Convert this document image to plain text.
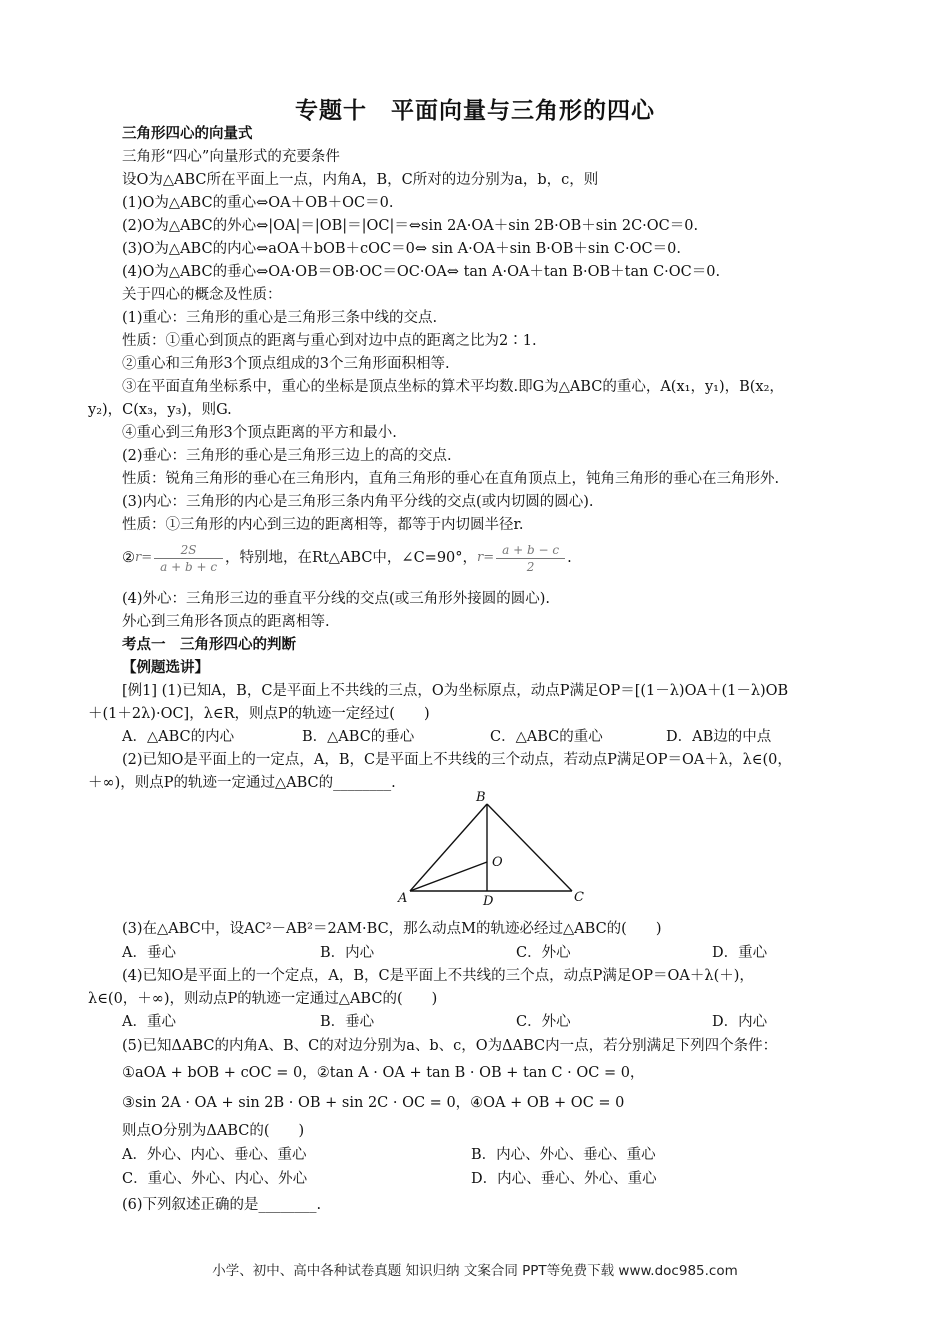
专题十　平面向量与三角形的四心
三角形四心的向量式
三角形“四心”向量形式的充要条件
设O为△ABC所在平面上一点，内角A，B，C所对的边分别为a，b，c，则
(1)O为△ABC的重心⇔OA＋OB＋OC＝0.
(2)O为△ABC的外心⇔|OA|＝|OB|＝|OC|＝⇔sin 2A·OA＋sin 2B·OB＋sin 2C·OC＝0.
(3)O为△ABC的内心⇔aOA＋bOB＋cOC＝0⇔ sin A·OA＋sin B·OB＋sin C·OC＝0.
(4)O为△ABC的垂心⇔OA·OB＝OB·OC＝OC·OA⇔ tan A·OA＋tan B·OB＋tan C·OC＝0.
关于四心的概念及性质：
(1)重心：三角形的重心是三角形三条中线的交点.
性质：①重心到顶点的距离与重心到对边中点的距离之比为2∶1.
②重心和三角形3个顶点组成的3个三角形面积相等.
③在平面直角坐标系中，重心的坐标是顶点坐标的算术平均数.即G为△ABC的重心，A(x₁，y₁)，B(x₂，
y₂)，C(x₃，y₃)，则G.
④重心到三角形3个顶点距离的平方和最小.
(2)垂心：三角形的垂心是三角形三边上的高的交点.
性质：锐角三角形的垂心在三角形内，直角三角形的垂心在直角顶点上，钝角三角形的垂心在三角形外.
(3)内心：三角形的内心是三角形三条内角平分线的交点(或内切圆的圆心).
性质：①三角形的内心到三边的距离相等，都等于内切圆半径r.
②r= $\frac{2S}{a + b + c}$ ，特别地，在Rt△ABC中，∠C=90°，$r= \frac{a + b - c}{2}$ .
(4)外心：三角形三边的垂直平分线的交点(或三角形外接圆的圆心).
外心到三角形各顶点的距离相等.
考点一　三角形四心的判断
【例题选讲】
[例1] (1)已知A，B，C是平面上不共线的三点，O为坐标原点，动点P满足OP＝[(1－λ)OA＋(1－λ)OB
＋(1＋2λ)·OC]，λ∈R，则点P的轨迹一定经过(　　)
A．△ABC的内心	B．△ABC的垂心	C．△ABC的重心	D．AB边的中点
(2)已知O是平面上的一定点，A，B，C是平面上不共线的三个动点，若动点P满足OP＝OA＋λ，λ∈(0，
＋∞)，则点P的轨迹一定通过△ABC的________.
A
B
C
O
D
(3)在△ABC中，设AC²－AB²＝2AM·BC，那么动点M的轨迹必经过△ABC的(　　)
A．垂心	B．内心	C．外心	D．重心
(4)已知O是平面上的一个定点，A，B，C是平面上不共线的三个点，动点P满足OP＝OA＋λ(＋)，
λ∈(0，＋∞)，则动点P的轨迹一定通过△ABC的(　　)
A．重心	B．垂心	C．外心	D．内心
(5)已知ΔABC的内角A、B、C的对边分别为a、b、c，O为ΔABC内一点，若分别满足下列四个条件：
①aOA + bOB + cOC = 0，②tan A · OA + tan B · OB + tan C · OC = 0，
③sin 2A · OA + sin 2B · OB + sin 2C · OC = 0，④OA + OB + OC = 0
则点O分别为ΔABC的(　　)
A．外心、内心、垂心、重心	B．内心、外心、垂心、重心
C．重心、外心、内心、外心	D．内心、垂心、外心、重心
(6)下列叙述正确的是________.
小学、初中、高中各种试卷真题 知识归纳 文案合同 PPT等免费下载 www.doc985.com
